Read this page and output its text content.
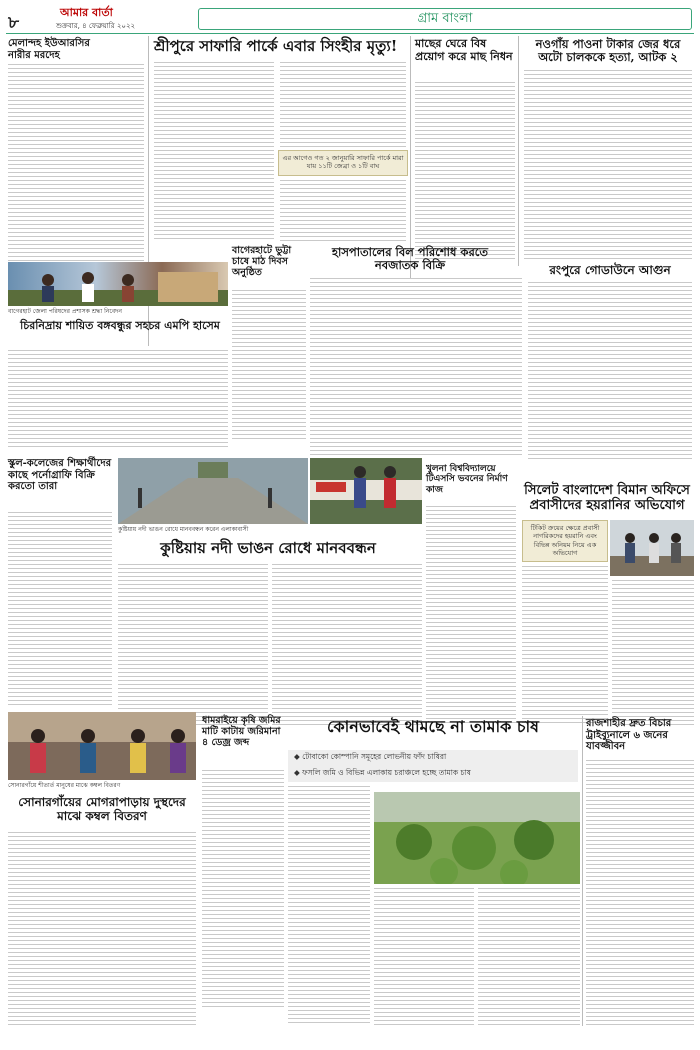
৮
আমার বার্তা
শুক্রবার, ৪ ফেব্রুয়ারি ২০২২	গ্রাম বাংলা
মেলান্দহ ইউআরসির
নারীর মরদেহ	শ্রীপুরে সাফারি পার্কে এবার সিংহীর মৃত্যু!
এর আগেও গত ২ জানুয়ারি সাফারি পার্কে মারা যায় ১১টি জেব্রা ও ১টি বাঘ
মাছের ঘেরে বিষ প্রয়োগ করে মাছ নিধন
নওগাঁয় পাওনা টাকার জের ধরে অটো চালককে হত্যা, আটক ২
বাগেরহাট জেলা পরিষদের প্রশাসক শ্রদ্ধা নিবেদন
বাগেরহাটে ভুট্টা চাষে মাঠ দিবস অনুষ্ঠিত
হাসপাতালের বিল পরিশোধ করতে নবজাতক বিক্রি
চিরনিদ্রায় শায়িত বঙ্গবন্ধুর সহচর এমপি হাসেম
রংপুরে গোডাউনে আগুন
স্কুল-কলেজের শিক্ষার্থীদের কাছে পর্নোগ্রাফি বিক্রি করতো তারা
কুষ্টিয়ায় নদী ভাঙন রোধে মানববন্ধন করেন এলাকাবাসী
খুলনা বিশ্ববিদ্যালয়ে টিএসসি ভবনের নির্মাণ কাজ	সিলেট বাংলাদেশ বিমান অফিসে প্রবাসীদের হয়রানির অভিযোগ
টিকিট ক্রয়ের ক্ষেত্রে প্রবাসী নাগরিকদের হয়রানি এবং বিভিন্ন অনিয়ম নিয়ে এক অভিযোগ
কুষ্টিয়ায় নদী ভাঙন রোধে মানববন্ধন
সোনারগাঁয়ে শীতার্ত মানুষের মাঝে কম্বল বিতরণ
ধামরাইয়ে কৃষি জমির মাটি কাটায় জরিমানা ৪ ডেজ্র জব্দ
কোনভাবেই থামছে না তামাক চাষ
◆ টোবাকো কোম্পানি সমূহের লোভনীয় ফাঁদ চাষিরা
◆ ফসলি জমি ও বিভিন্ন এলাকায় চরাঞ্চলে হচ্ছে তামাক চাষ
রাজশাহীর দ্রুত বিচার ট্রাইব্যুনালে ৬ জনের যাবজ্জীবন
সোনারগাঁয়ের মোগরাপাড়ায় দুস্থদের মাঝে কম্বল বিতরণ
